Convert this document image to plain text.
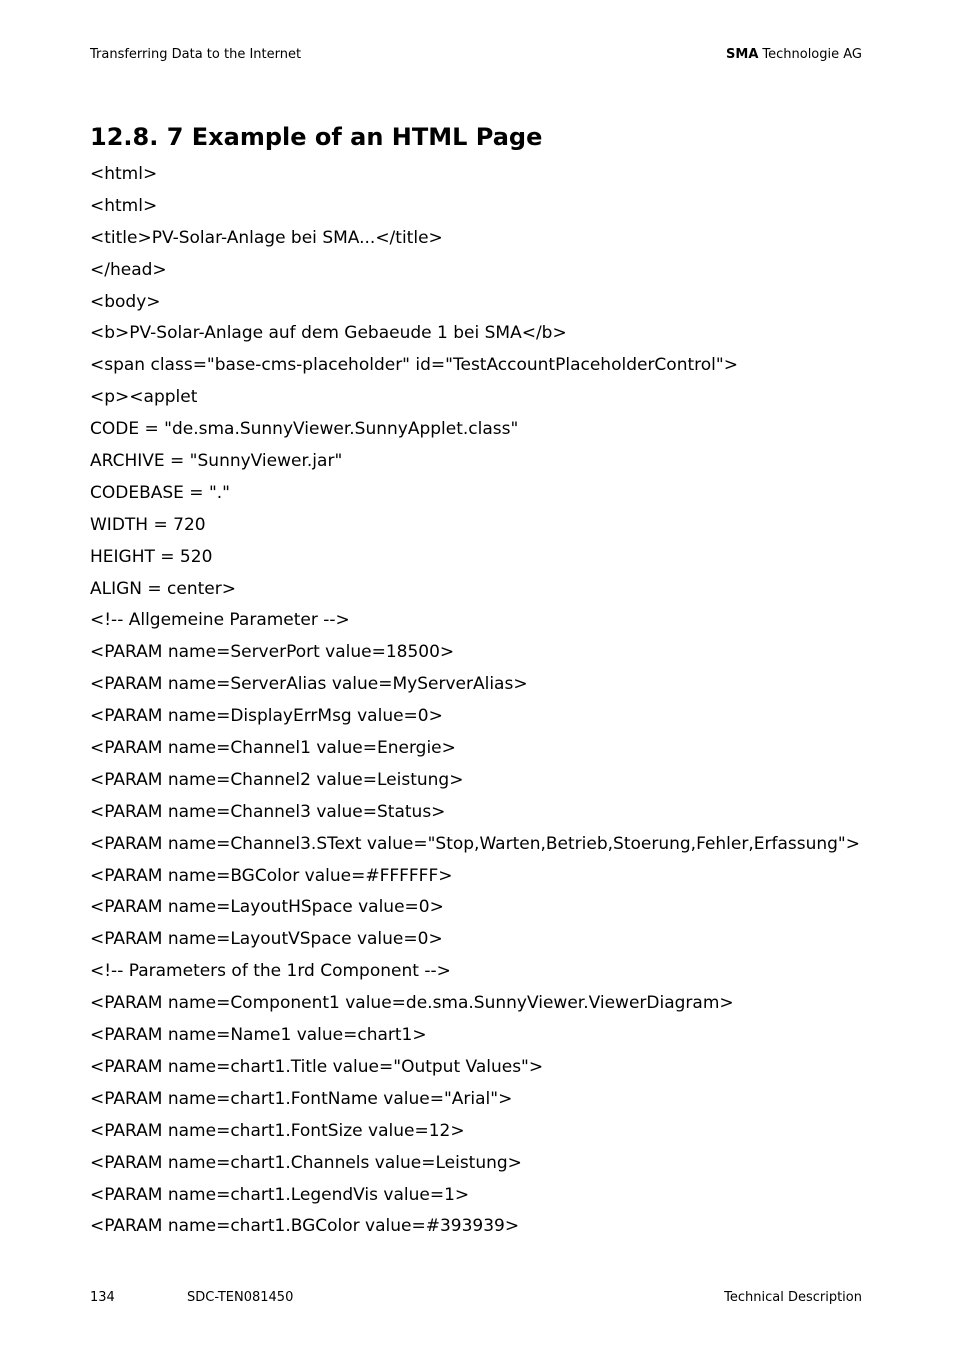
Transferring Data to the Internet	SMA Technologie AG
12.8. 7 Example of an HTML Page
<html>
<html>
<title>PV-Solar-Anlage bei SMA...</title>
</head>
<body>
<b>PV-Solar-Anlage auf dem Gebaeude 1 bei SMA</b>
<span class="base-cms-placeholder" id="TestAccountPlaceholderControl">
<p><applet
CODE = "de.sma.SunnyViewer.SunnyApplet.class"
ARCHIVE = "SunnyViewer.jar"
CODEBASE = "."
WIDTH = 720
HEIGHT = 520
ALIGN = center>
<!-- Allgemeine Parameter -->
<PARAM name=ServerPort value=18500>
<PARAM name=ServerAlias value=MyServerAlias>
<PARAM name=DisplayErrMsg value=0>
<PARAM name=Channel1 value=Energie>
<PARAM name=Channel2 value=Leistung>
<PARAM name=Channel3 value=Status>
<PARAM name=Channel3.SText value="Stop,Warten,Betrieb,Stoerung,Fehler,Erfassung">
<PARAM name=BGColor value=#FFFFFF>
<PARAM name=LayoutHSpace value=0>
<PARAM name=LayoutVSpace value=0>
<!-- Parameters of the 1rd Component -->
<PARAM name=Component1 value=de.sma.SunnyViewer.ViewerDiagram>
<PARAM name=Name1 value=chart1>
<PARAM name=chart1.Title value="Output Values">
<PARAM name=chart1.FontName value="Arial">
<PARAM name=chart1.FontSize value=12>
<PARAM name=chart1.Channels value=Leistung>
<PARAM name=chart1.LegendVis value=1>
<PARAM name=chart1.BGColor value=#393939>
134	SDC-TEN081450	Technical Description
